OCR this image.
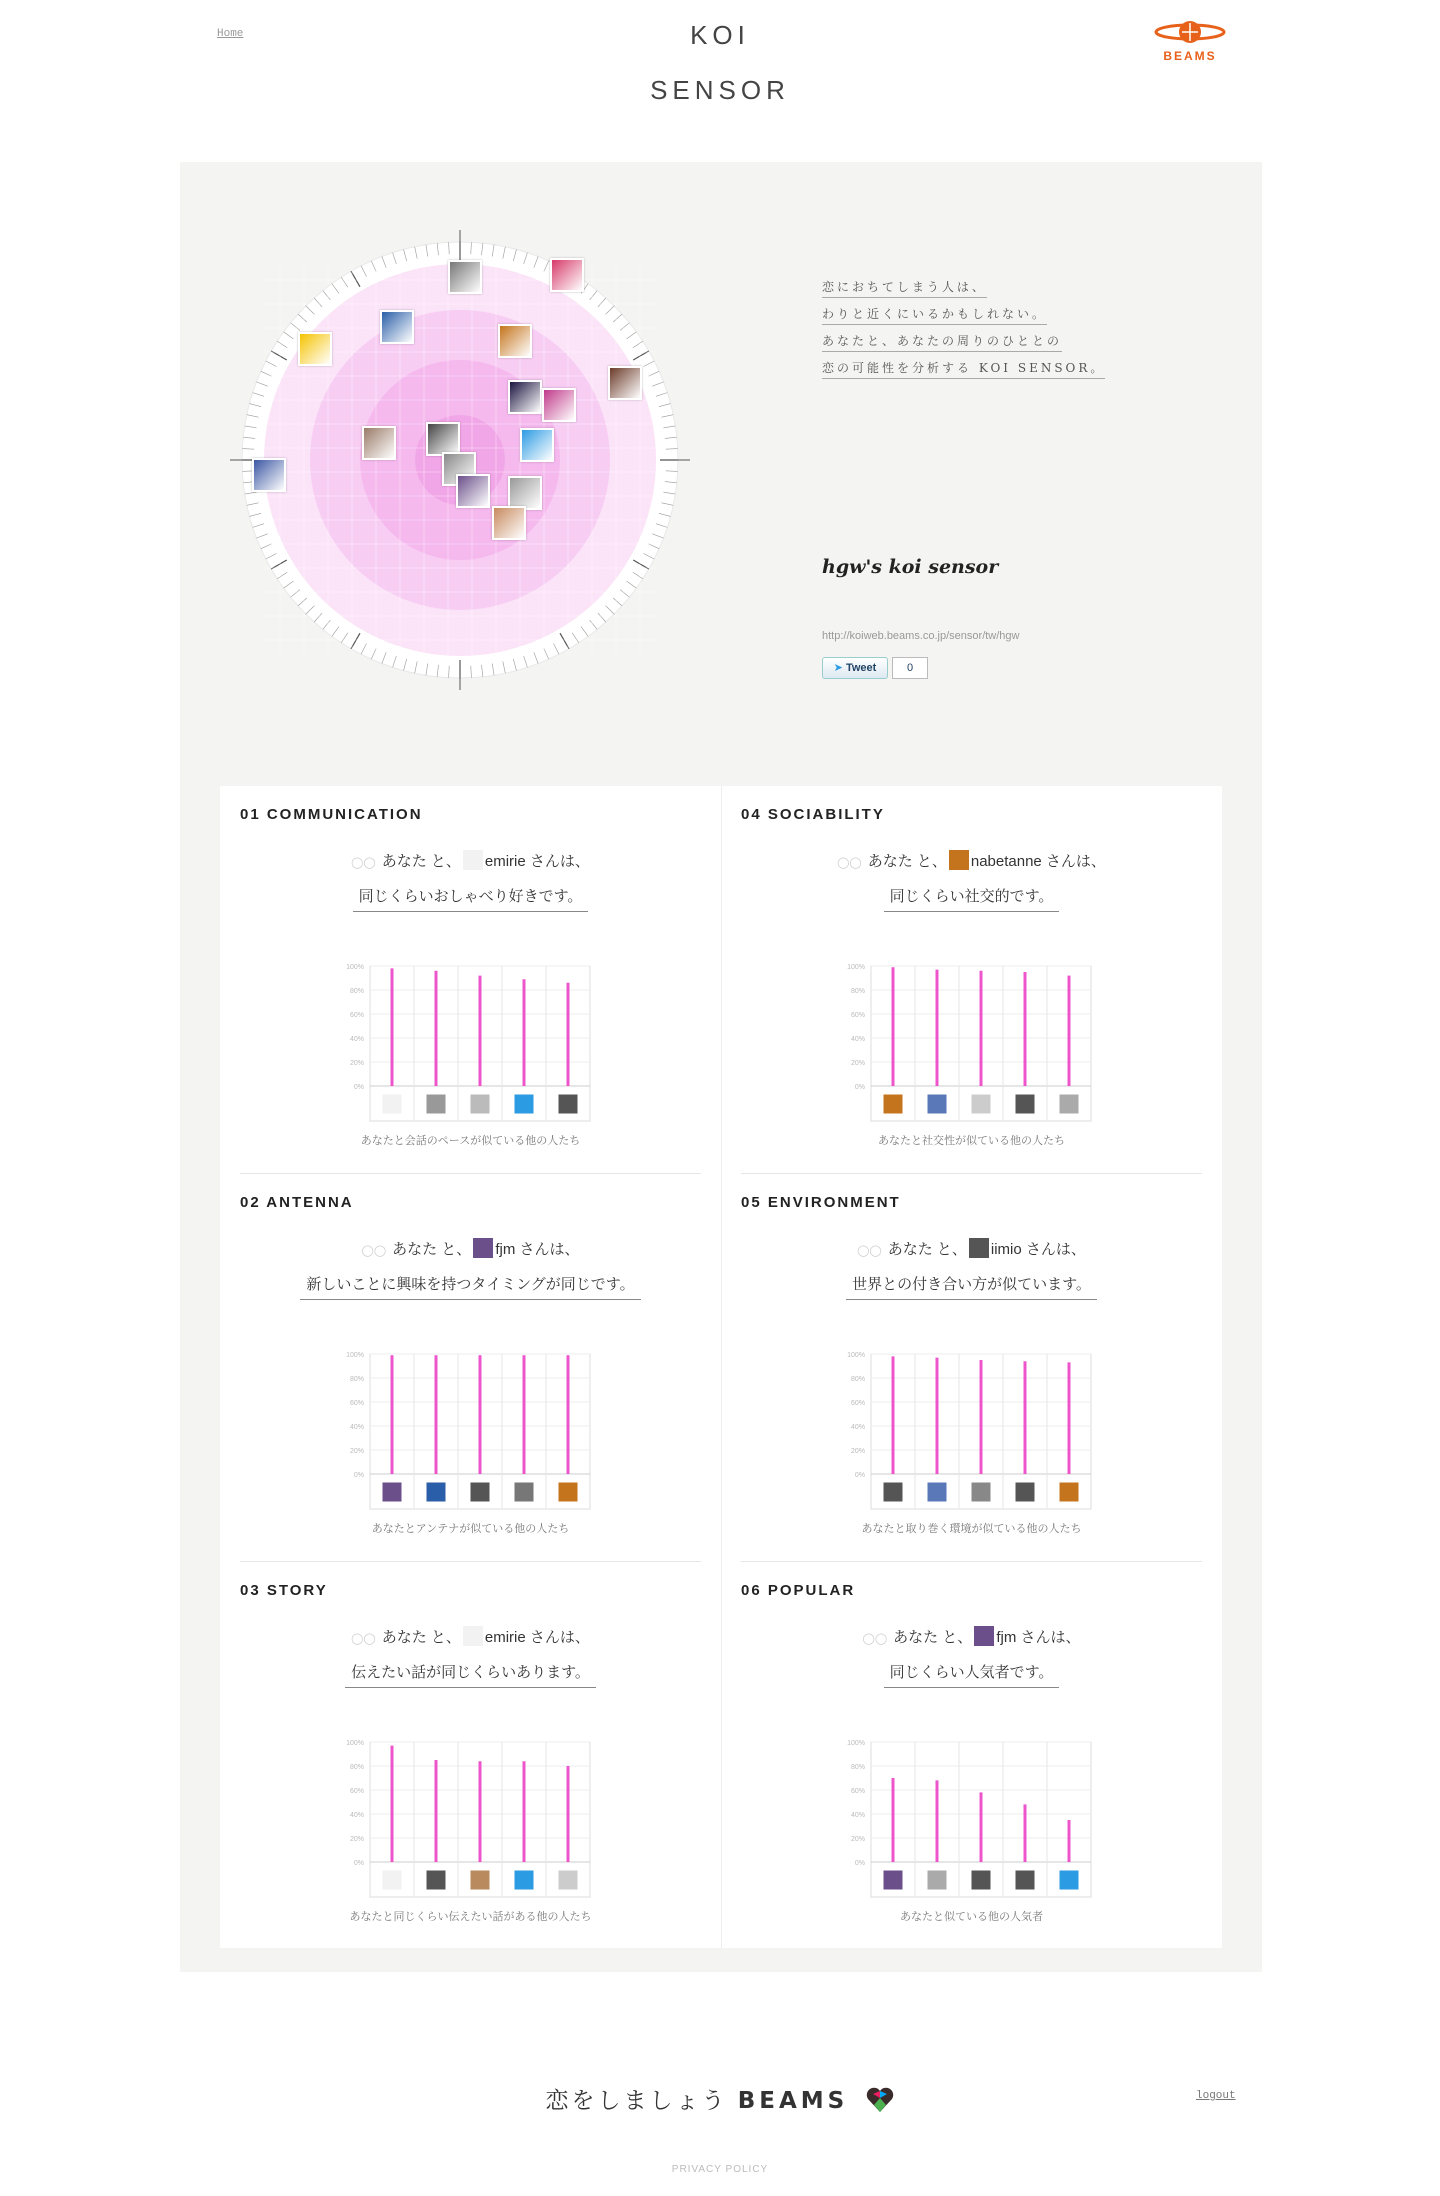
Home	KOI
SENSOR
BEAMS
恋におちてしまう人は、
わりと近くにいるかもしれない。
あなたと、あなたの周りのひととの
恋の可能性を分析する KOI SENSOR。
hgw's koi sensor
http://koiweb.beams.co.jp/sensor/tw/hgw
➤ Tweet	0
01 COMMUNICATION
◯◯ あなた と、 emirie さんは、
同じくらいおしゃべり好きです。
100%
80%
60%
40%
20%
0%
あなたと会話のペースが似ている他の人たち
04 SOCIABILITY
◯◯ あなた と、 nabetanne さんは、
同じくらい社交的です。
100%
80%
60%
40%
20%
0%
あなたと社交性が似ている他の人たち
02 ANTENNA
◯◯ あなた と、 fjm さんは、
新しいことに興味を持つタイミングが同じです。
100%
80%
60%
40%
20%
0%
あなたとアンテナが似ている他の人たち
05 ENVIRONMENT
◯◯ あなた と、 iimio さんは、
世界との付き合い方が似ています。
100%
80%
60%
40%
20%
0%
あなたと取り巻く環境が似ている他の人たち
03 STORY
◯◯ あなた と、 emirie さんは、
伝えたい話が同じくらいあります。
100%
80%
60%
40%
20%
0%
あなたと同じくらい伝えたい話がある他の人たち
06 POPULAR
◯◯ あなた と、 fjm さんは、
同じくらい人気者です。
100%
80%
60%
40%
20%
0%
あなたと似ている他の人気者
恋をしましょう BEAMS	logout
PRIVACY POLICY
